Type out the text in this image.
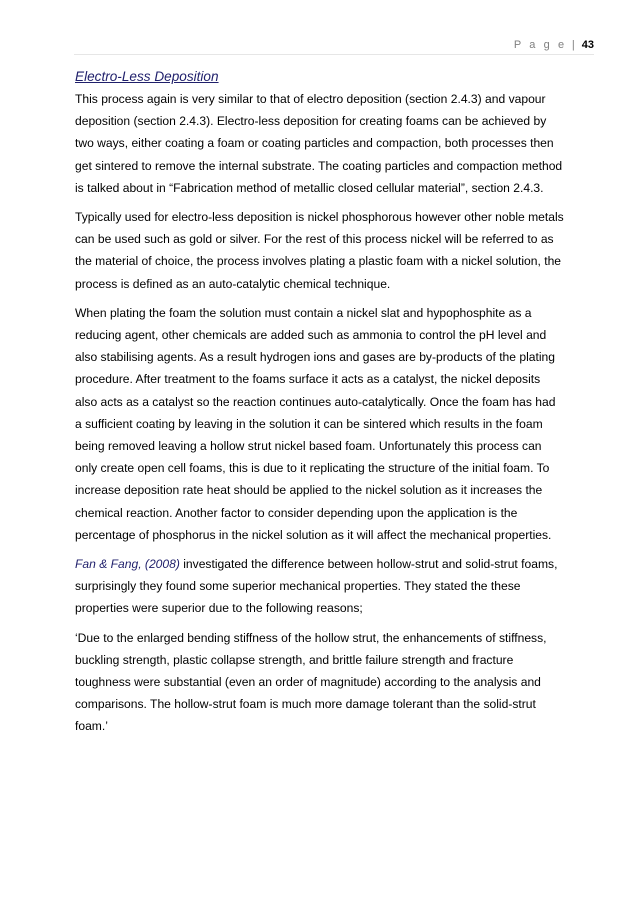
P a g e | 43
Electro-Less Deposition

This process again is very similar to that of electro deposition (section 2.4.3) and vapour deposition (section 2.4.3). Electro-less deposition for creating foams can be achieved by two ways, either coating a foam or coating particles and compaction, both processes then get sintered to remove the internal substrate. The coating particles and compaction method is talked about in “Fabrication method of metallic closed cellular material”, section 2.4.3.

Typically used for electro-less deposition is nickel phosphorous however other noble metals can be used such as gold or silver. For the rest of this process nickel will be referred to as the material of choice, the process involves plating a plastic foam with a nickel solution, the process is defined as an auto-catalytic chemical technique.

When plating the foam the solution must contain a nickel slat and hypophosphite as a reducing agent, other chemicals are added such as ammonia to control the pH level and also stabilising agents. As a result hydrogen ions and gases are by-products of the plating procedure. After treatment to the foams surface it acts as a catalyst, the nickel deposits also acts as a catalyst so the reaction continues auto-catalytically. Once the foam has had a sufficient coating by leaving in the solution it can be sintered which results in the foam being removed leaving a hollow strut nickel based foam. Unfortunately this process can only create open cell foams, this is due to it replicating the structure of the initial foam. To increase deposition rate heat should be applied to the nickel solution as it increases the chemical reaction. Another factor to consider depending upon the application is the percentage of phosphorus in the nickel solution as it will affect the mechanical properties.

Fan & Fang, (2008) investigated the difference between hollow-strut and solid-strut foams, surprisingly they found some superior mechanical properties. They stated the these properties were superior due to the following reasons;

‘Due to the enlarged bending stiffness of the hollow strut, the enhancements of stiffness, buckling strength, plastic collapse strength, and brittle failure strength and fracture toughness were substantial (even an order of magnitude) according to the analysis and comparisons. The hollow-strut foam is much more damage tolerant than the solid-strut foam.’
